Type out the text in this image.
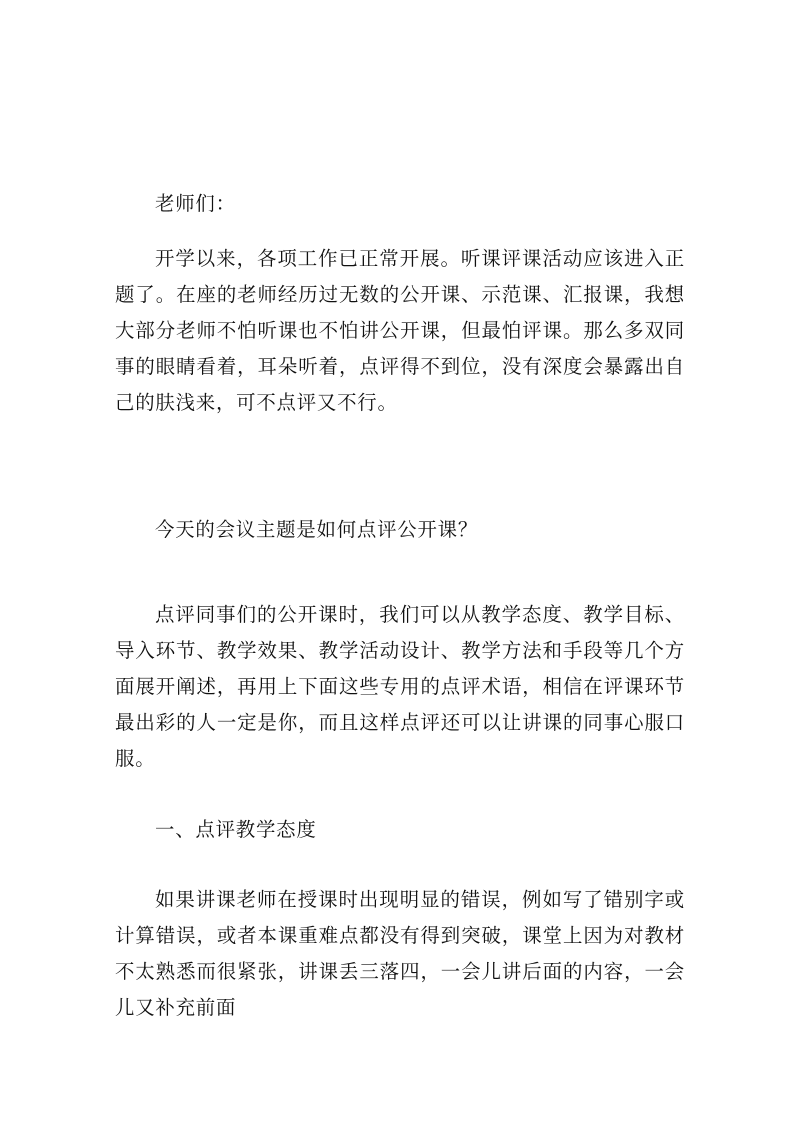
老师们：

开学以来，各项工作已正常开展。听课评课活动应该进入正题了。在座的老师经历过无数的公开课、示范课、汇报课，我想大部分老师不怕听课也不怕讲公开课，但最怕评课。那么多双同事的眼睛看着，耳朵听着，点评得不到位，没有深度会暴露出自己的肤浅来，可不点评又不行。

今天的会议主题是如何点评公开课？

点评同事们的公开课时，我们可以从教学态度、教学目标、导入环节、教学效果、教学活动设计、教学方法和手段等几个方面展开阐述，再用上下面这些专用的点评术语，相信在评课环节最出彩的人一定是你，而且这样点评还可以让讲课的同事心服口服。

一、点评教学态度

如果讲课老师在授课时出现明显的错误，例如写了错别字或计算错误，或者本课重难点都没有得到突破，课堂上因为对教材不太熟悉而很紧张，讲课丢三落四，一会儿讲后面的内容，一会儿又补充前面
